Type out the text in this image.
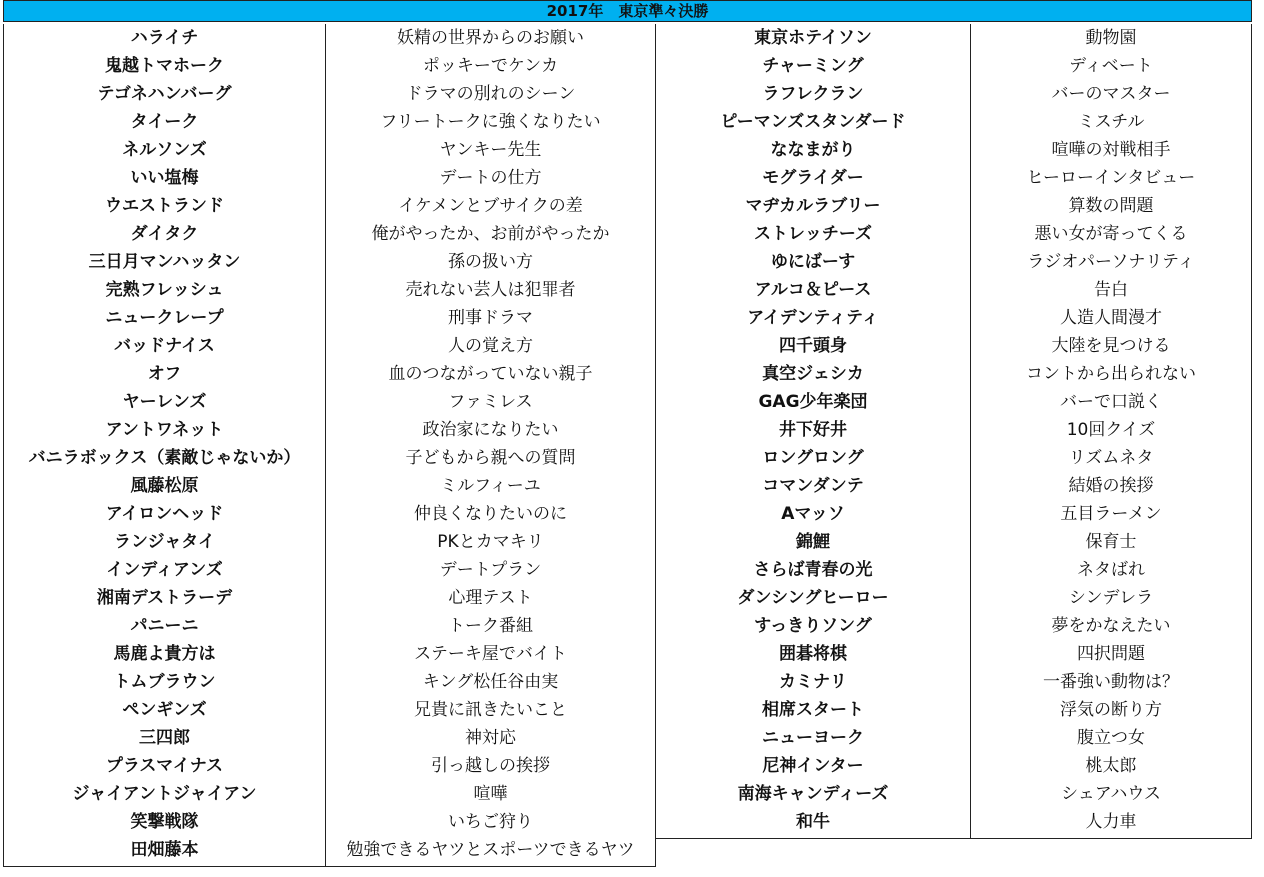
2017年　東京準々決勝
ハライチ
鬼越トマホーク
テゴネハンバーグ
タイーク
ネルソンズ
いい塩梅
ウエストランド
ダイタク
三日月マンハッタン
完熟フレッシュ
ニュークレープ
バッドナイス
オフ
ヤーレンズ
アントワネット
バニラボックス（素敵じゃないか）
風藤松原
アイロンヘッド
ランジャタイ
インディアンズ
湘南デストラーデ
パニーニ
馬鹿よ貴方は
トムブラウン
ペンギンズ
三四郎
プラスマイナス
ジャイアントジャイアン
笑撃戦隊
田畑藤本
妖精の世界からのお願い
ポッキーでケンカ
ドラマの別れのシーン
フリートークに強くなりたい
ヤンキー先生
デートの仕方
イケメンとブサイクの差
俺がやったか、お前がやったか
孫の扱い方
売れない芸人は犯罪者
刑事ドラマ
人の覚え方
血のつながっていない親子
ファミレス
政治家になりたい
子どもから親への質問
ミルフィーユ
仲良くなりたいのに
PKとカマキリ
デートプラン
心理テスト
トーク番組
ステーキ屋でバイト
キング松任谷由実
兄貴に訊きたいこと
神対応
引っ越しの挨拶
喧嘩
いちご狩り
勉強できるヤツとスポーツできるヤツ
東京ホテイソン
チャーミング
ラフレクラン
ピーマンズスタンダード
ななまがり
モグライダー
マヂカルラブリー
ストレッチーズ
ゆにばーす
アルコ＆ピース
アイデンティティ
四千頭身
真空ジェシカ
GAG少年楽団
井下好井
ロングロング
コマンダンテ
Aマッソ
錦鯉
さらば青春の光
ダンシングヒーロー
すっきりソング
囲碁将棋
カミナリ
相席スタート
ニューヨーク
尼神インター
南海キャンディーズ
和牛
動物園
ディベート
バーのマスター
ミスチル
喧嘩の対戦相手
ヒーローインタビュー
算数の問題
悪い女が寄ってくる
ラジオパーソナリティ
告白
人造人間漫才
大陸を見つける
コントから出られない
バーで口説く
10回クイズ
リズムネタ
結婚の挨拶
五目ラーメン
保育士
ネタばれ
シンデレラ
夢をかなえたい
四択問題
一番強い動物は？
浮気の断り方
腹立つ女
桃太郎
シェアハウス
人力車
